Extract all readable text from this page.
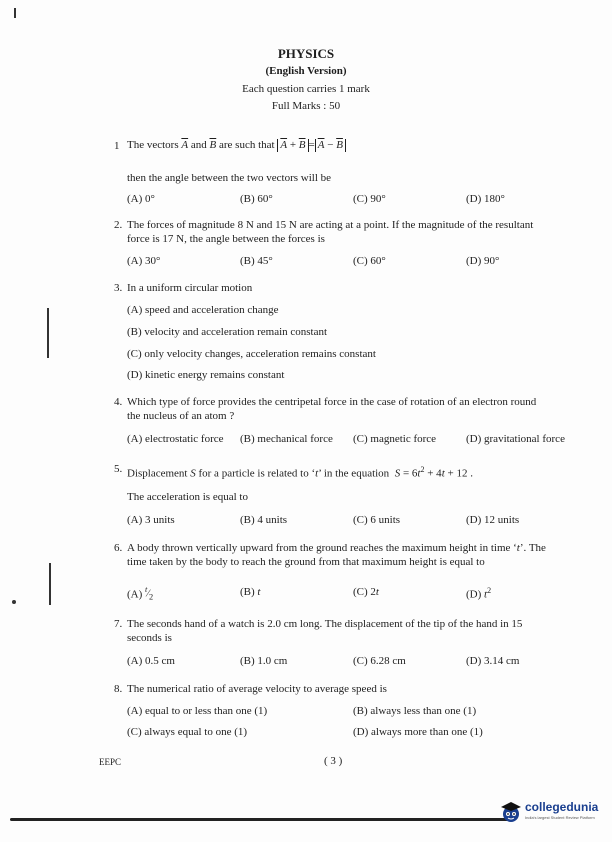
PHYSICS
(English Version)
Each question carries 1 mark
Full Marks : 50
1 The vectors $\overline{A}$ and $\overline{B}$ are such that $\overline{A} + \overline{B} = \overline{A} - \overline{B}$
then the angle between the two vectors will be
(A) 0°	(B) 60°	(C) 90°	(D) 180°
2. The forces of magnitude 8 N and 15 N are acting at a point. If the magnitude of the resultant
force is 17 N, the angle between the forces is
(A) 30°	(B) 45°	(C) 60°	(D) 90°
3. In a uniform circular motion
(A) speed and acceleration change
(B) velocity and acceleration remain constant
(C) only velocity changes, acceleration remains constant
(D) kinetic energy remains constant
4. Which type of force provides the centripetal force in the case of rotation of an electron round
the nucleus of an atom ?
(A) electrostatic force (B) mechanical force (C) magnetic force	(D) gravitational force
5. Displacement S for a particle is related to ‘t’ in the equation $S = 6t^2 + 4t + 12$ .
The acceleration is equal to
(A) 3 units	(B) 4 units	(C) 6 units	(D) 12 units
6. A body thrown vertically upward from the ground reaches the maximum height in time ‘t’. The
time taken by the body to reach the ground from that maximum height is equal to
(A) $^t⁄_2$	(B) t	(C) 2t	(D) $t^2$
7. The seconds hand of a watch is 2.0 cm long. The displacement of the tip of the hand in 15
seconds is
(A) 0.5 cm	(B) 1.0 cm	(C) 6.28 cm	(D) 3.14 cm
8. The numerical ratio of average velocity to average speed is
(A) equal to or less than one (1)	(B) always less than one (1)
(C) always equal to one (1)	(D) always more than one (1)
EEPC	( 3 )
collegedunia
India's largest Student Review Platform
